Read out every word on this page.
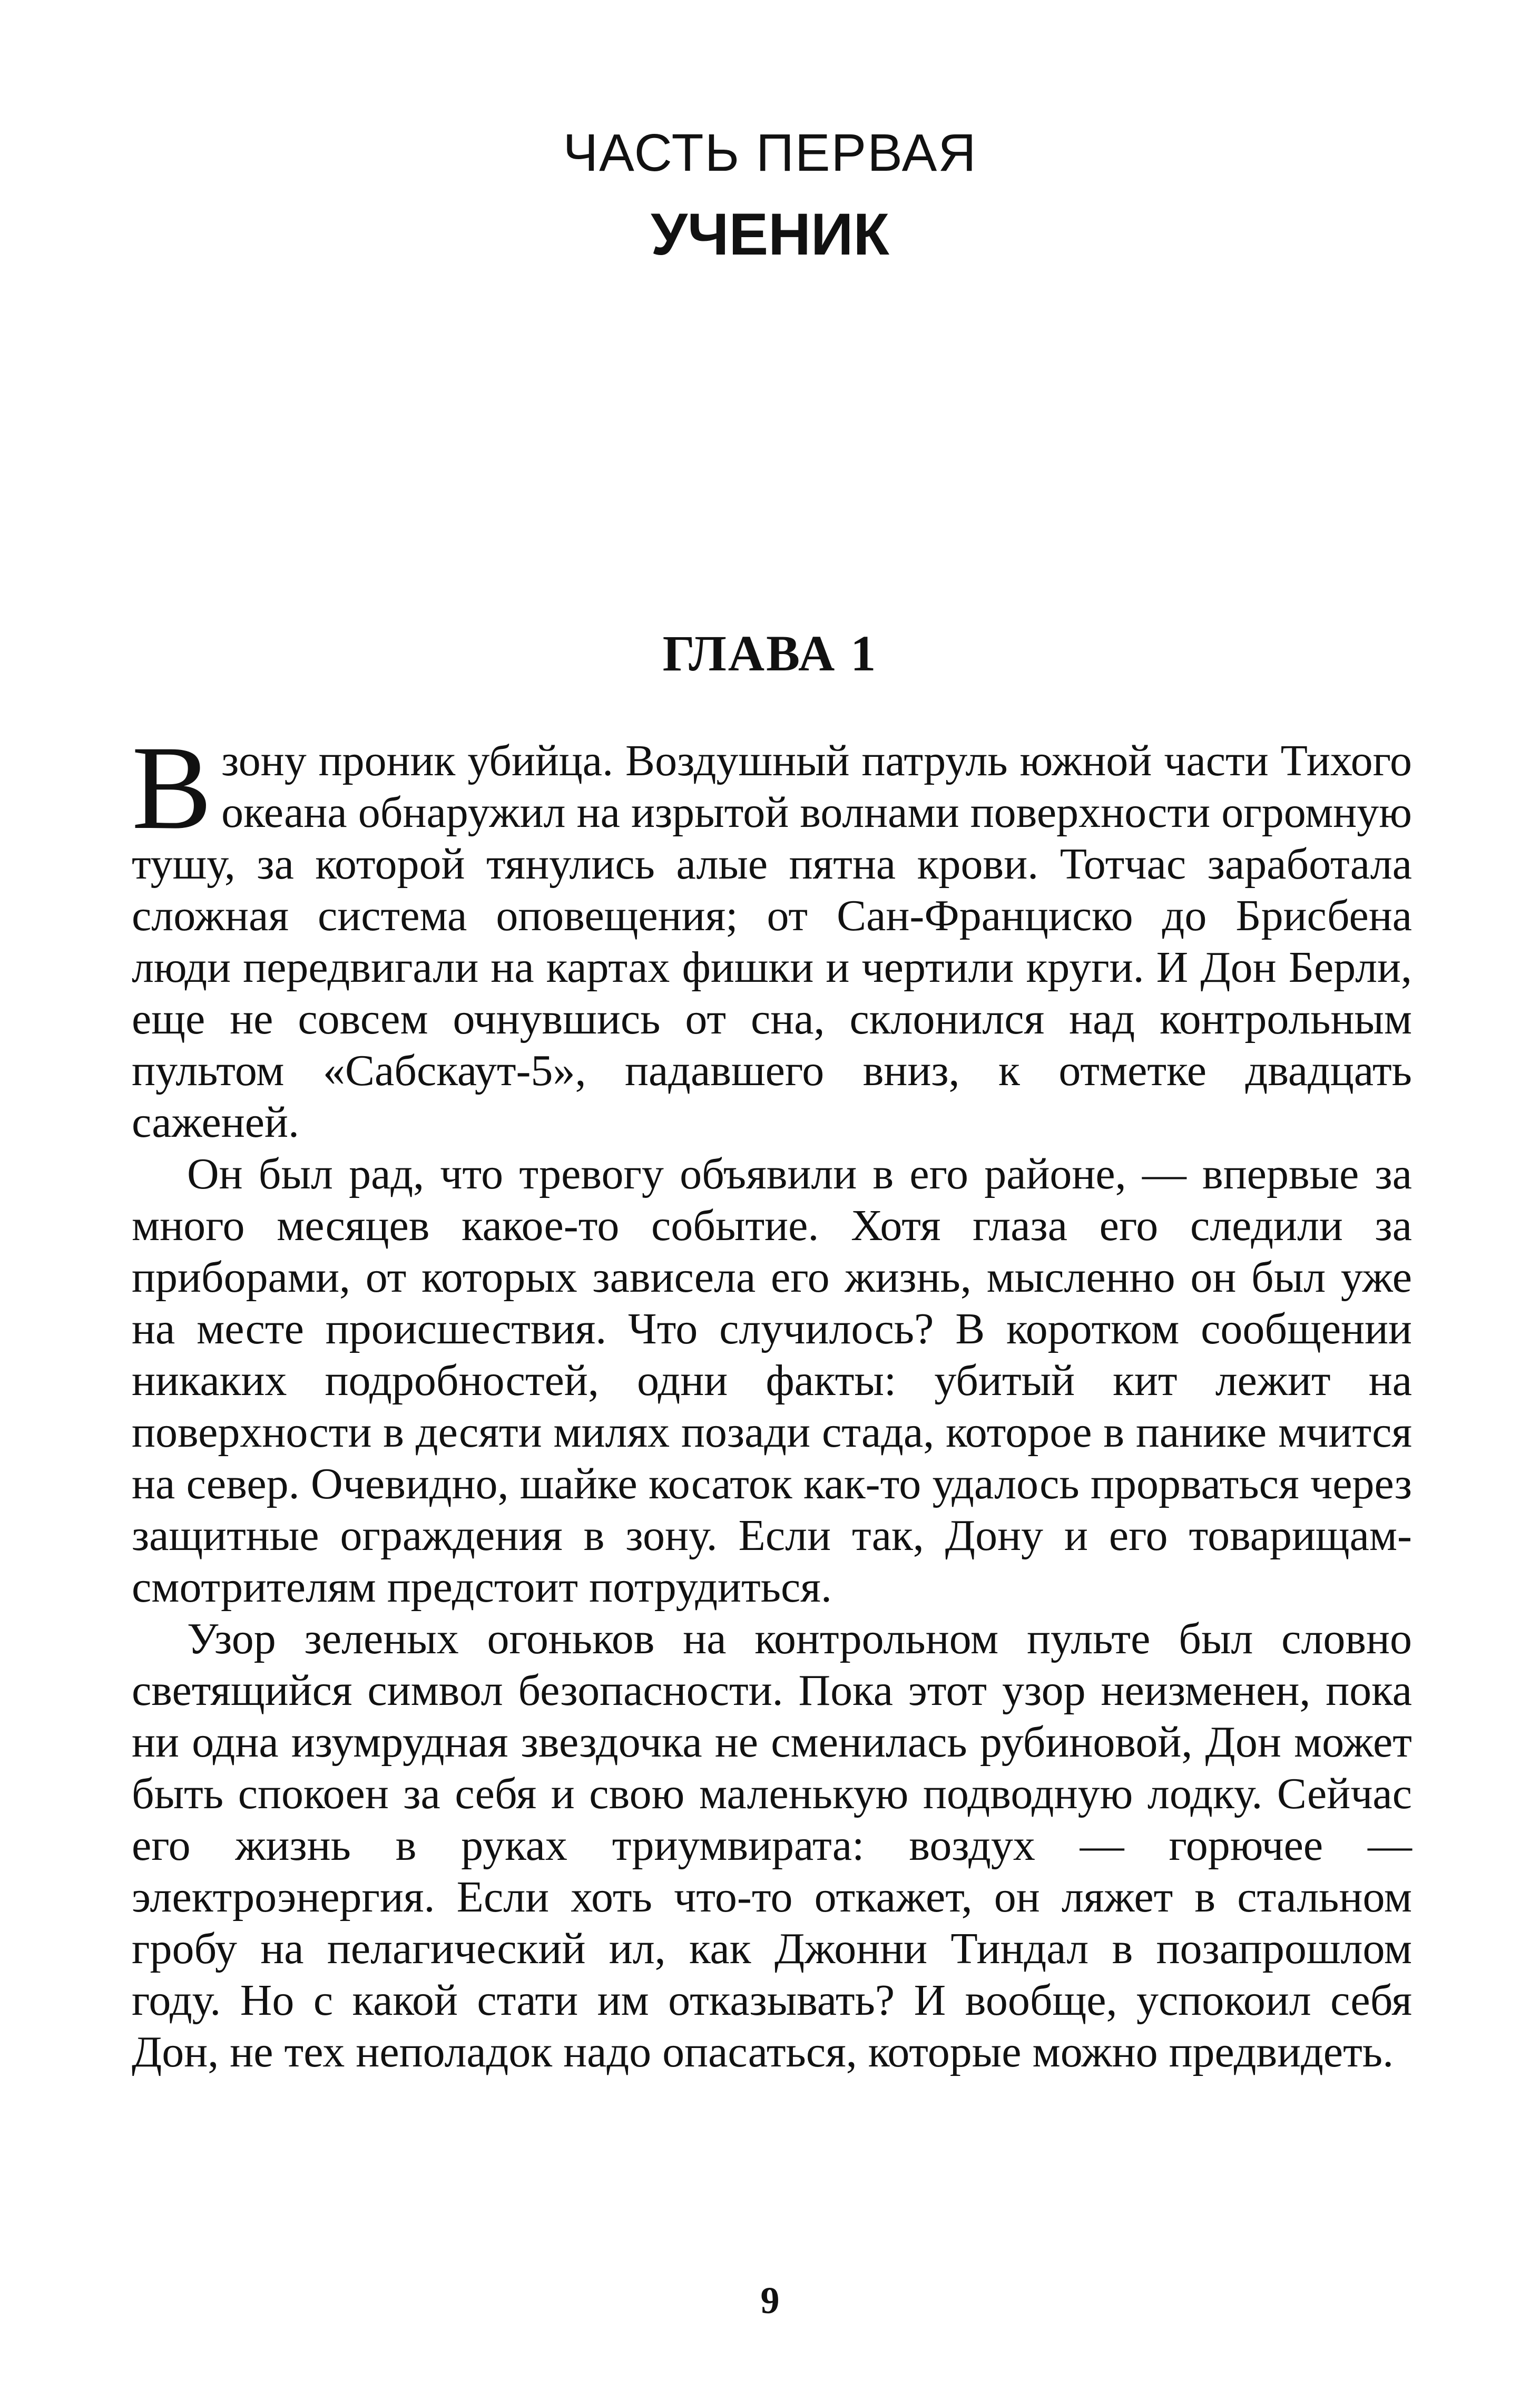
ЧАСТЬ ПЕРВАЯ
УЧЕНИК
ГЛАВА 1

В зону проник убийца. Воздушный патруль южной части Тихого океана обнаружил на изрытой волнами поверхности огромную тушу, за которой тянулись алые пятна крови. Тотчас заработала сложная система оповещения; от Сан-Франциско до Брисбена люди передвигали на картах фишки и чертили круги. И Дон Берли, еще не совсем очнувшись от сна, склонился над контрольным пультом «Сабскаут-5», падавшего вниз, к отметке двадцать саженей.

Он был рад, что тревогу объявили в его районе, — впервые за много месяцев какое-то событие. Хотя глаза его следили за приборами, от которых зависела его жизнь, мысленно он был уже на месте происшествия. Что случилось? В коротком сообщении никаких подробностей, одни факты: убитый кит лежит на поверхности в десяти милях позади стада, которое в панике мчится на север. Очевидно, шайке косаток как-то удалось прорваться через защитные ограждения в зону. Если так, Дону и его товарищам-смотрителям предстоит потрудиться.

Узор зеленых огоньков на контрольном пульте был словно светящийся символ безопасности. Пока этот узор неизменен, пока ни одна изумрудная звездочка не сменилась рубиновой, Дон может быть спокоен за себя и свою маленькую подводную лодку. Сейчас его жизнь в руках триумвирата: воздух — горючее — электроэнергия. Если хоть что-то откажет, он ляжет в стальном гробу на пелагический ил, как Джонни Тиндал в позапрошлом году. Но с какой стати им отказывать? И вообще, успокоил себя Дон, не тех неполадок надо опасаться, которые можно предвидеть.

9
